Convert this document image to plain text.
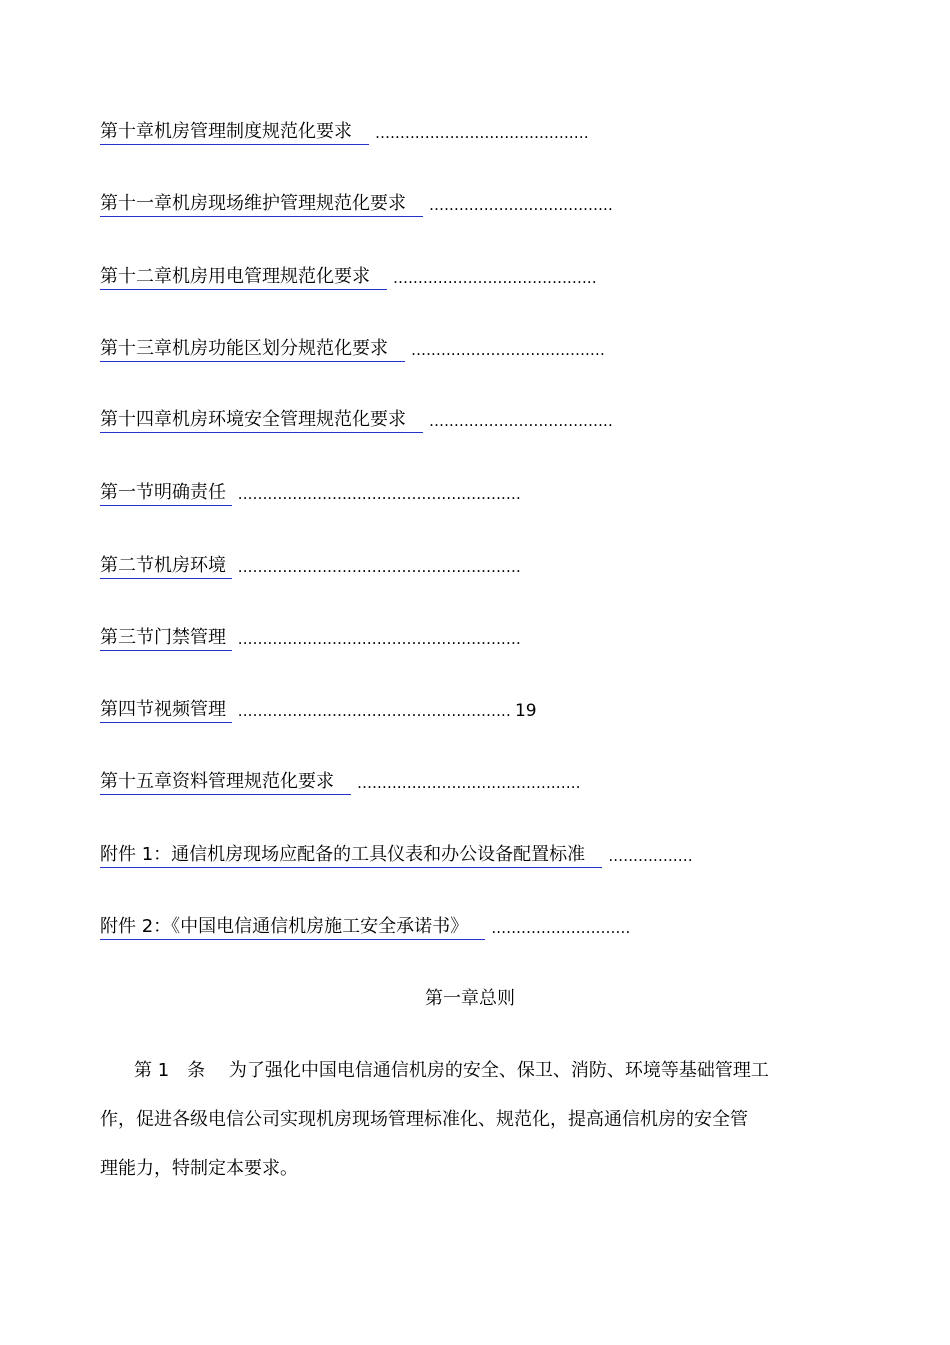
第十章机房管理制度规范化要求	...........................................
第十一章机房现场维护管理规范化要求	.....................................
第十二章机房用电管理规范化要求	.........................................
第十三章机房功能区划分规范化要求	.......................................
第十四章机房环境安全管理规范化要求	.....................................
第一节明确责任 .........................................................
第二节机房环境 .........................................................
第三节门禁管理 .........................................................
第四节视频管理 ....................................................... 19
第十五章资料管理规范化要求	.............................................
附件 1：通信机房现场应配备的工具仪表和办公设备配置标准	.................
附件 2：《中国电信通信机房施工安全承诺书》	............................
第一章总则
第 1　条　 为了强化中国电信通信机房的安全、保卫、消防、环境等基础管理工
作，促进各级电信公司实现机房现场管理标准化、规范化，提高通信机房的安全管
理能力，特制定本要求。
